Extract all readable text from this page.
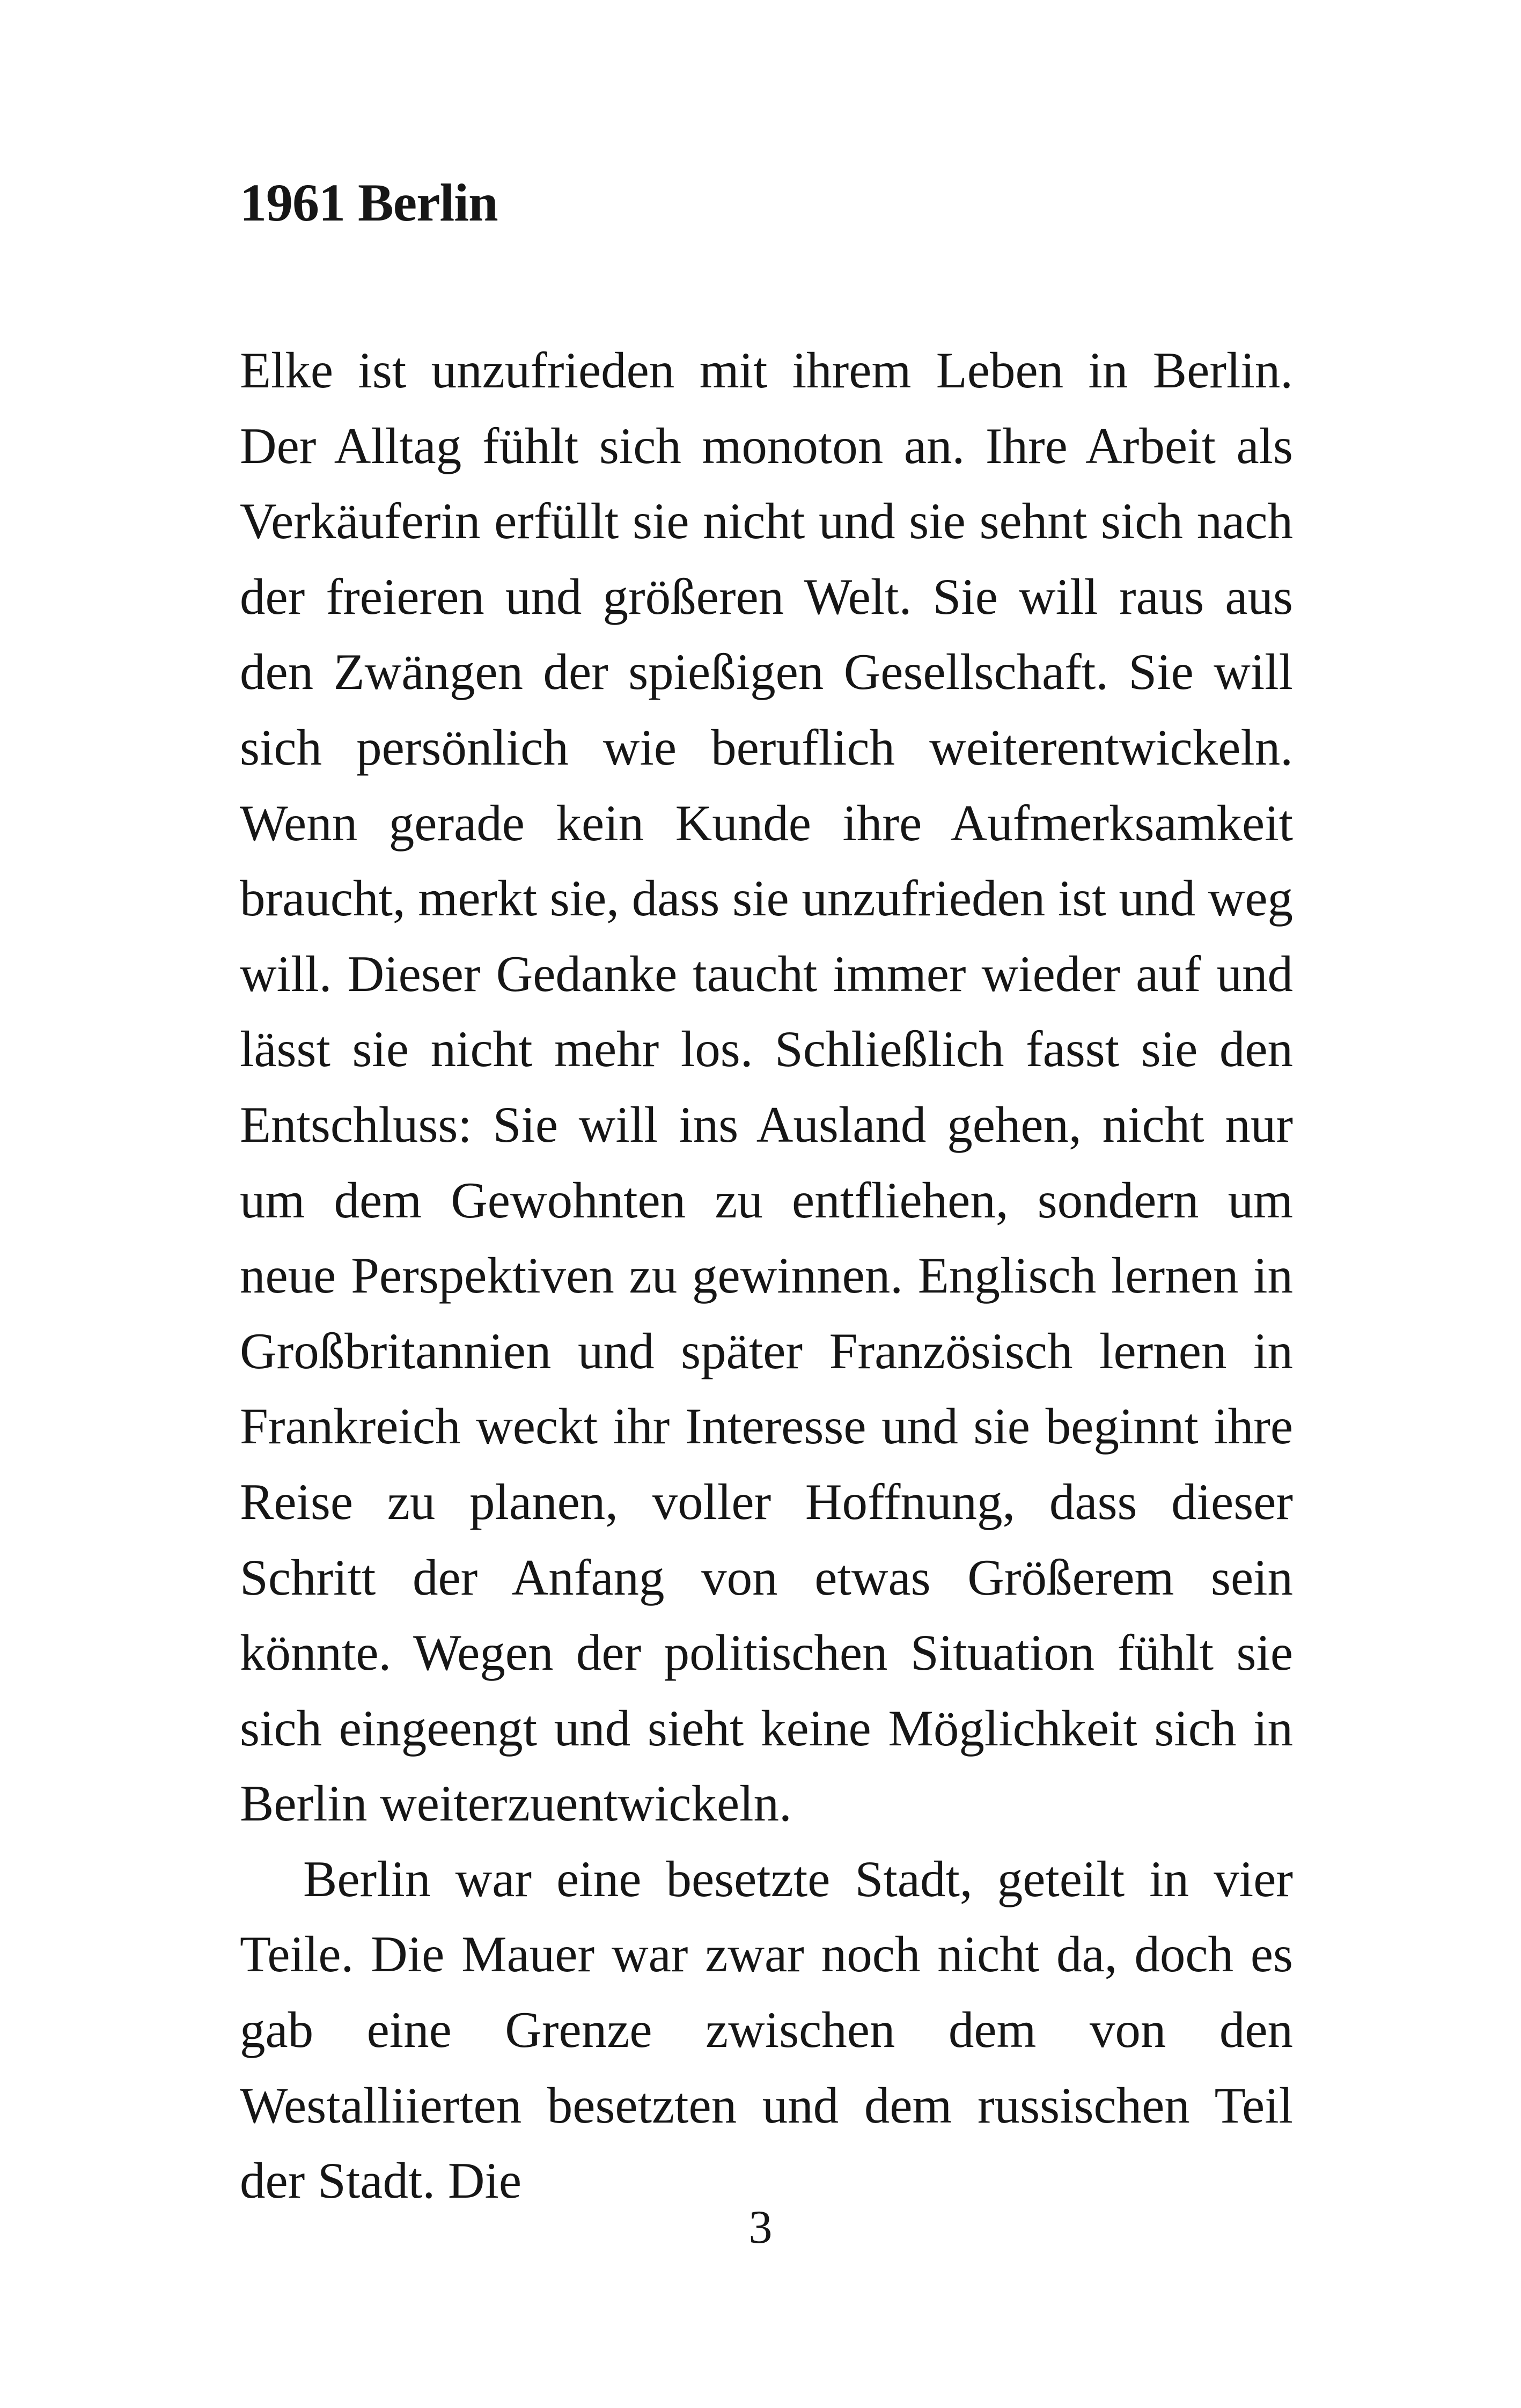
1961 Berlin

Elke ist unzufrieden mit ihrem Leben in Berlin. Der Alltag fühlt sich monoton an. Ihre Arbeit als Verkäuferin erfüllt sie nicht und sie sehnt sich nach der freieren und größeren Welt. Sie will raus aus den Zwängen der spießigen Gesellschaft. Sie will sich persönlich wie beruflich weiterentwickeln. Wenn gerade kein Kunde ihre Aufmerksamkeit braucht, merkt sie, dass sie unzufrieden ist und weg will. Dieser Gedanke taucht immer wieder auf und lässt sie nicht mehr los. Schließlich fasst sie den Entschluss: Sie will ins Ausland gehen, nicht nur um dem Gewohnten zu entfliehen, sondern um neue Perspektiven zu gewinnen. Englisch lernen in Großbritannien und später Französisch lernen in Frankreich weckt ihr Interesse und sie beginnt ihre Reise zu planen, voller Hoffnung, dass dieser Schritt der Anfang von etwas Größerem sein könnte. Wegen der politischen Situation fühlt sie sich eingeengt und sieht keine Möglichkeit sich in Berlin weiterzuentwickeln.

Berlin war eine besetzte Stadt, geteilt in vier Teile. Die Mauer war zwar noch nicht da, doch es gab eine Grenze zwischen dem von den Westalliierten besetzten und dem russischen Teil der Stadt. Die

3
